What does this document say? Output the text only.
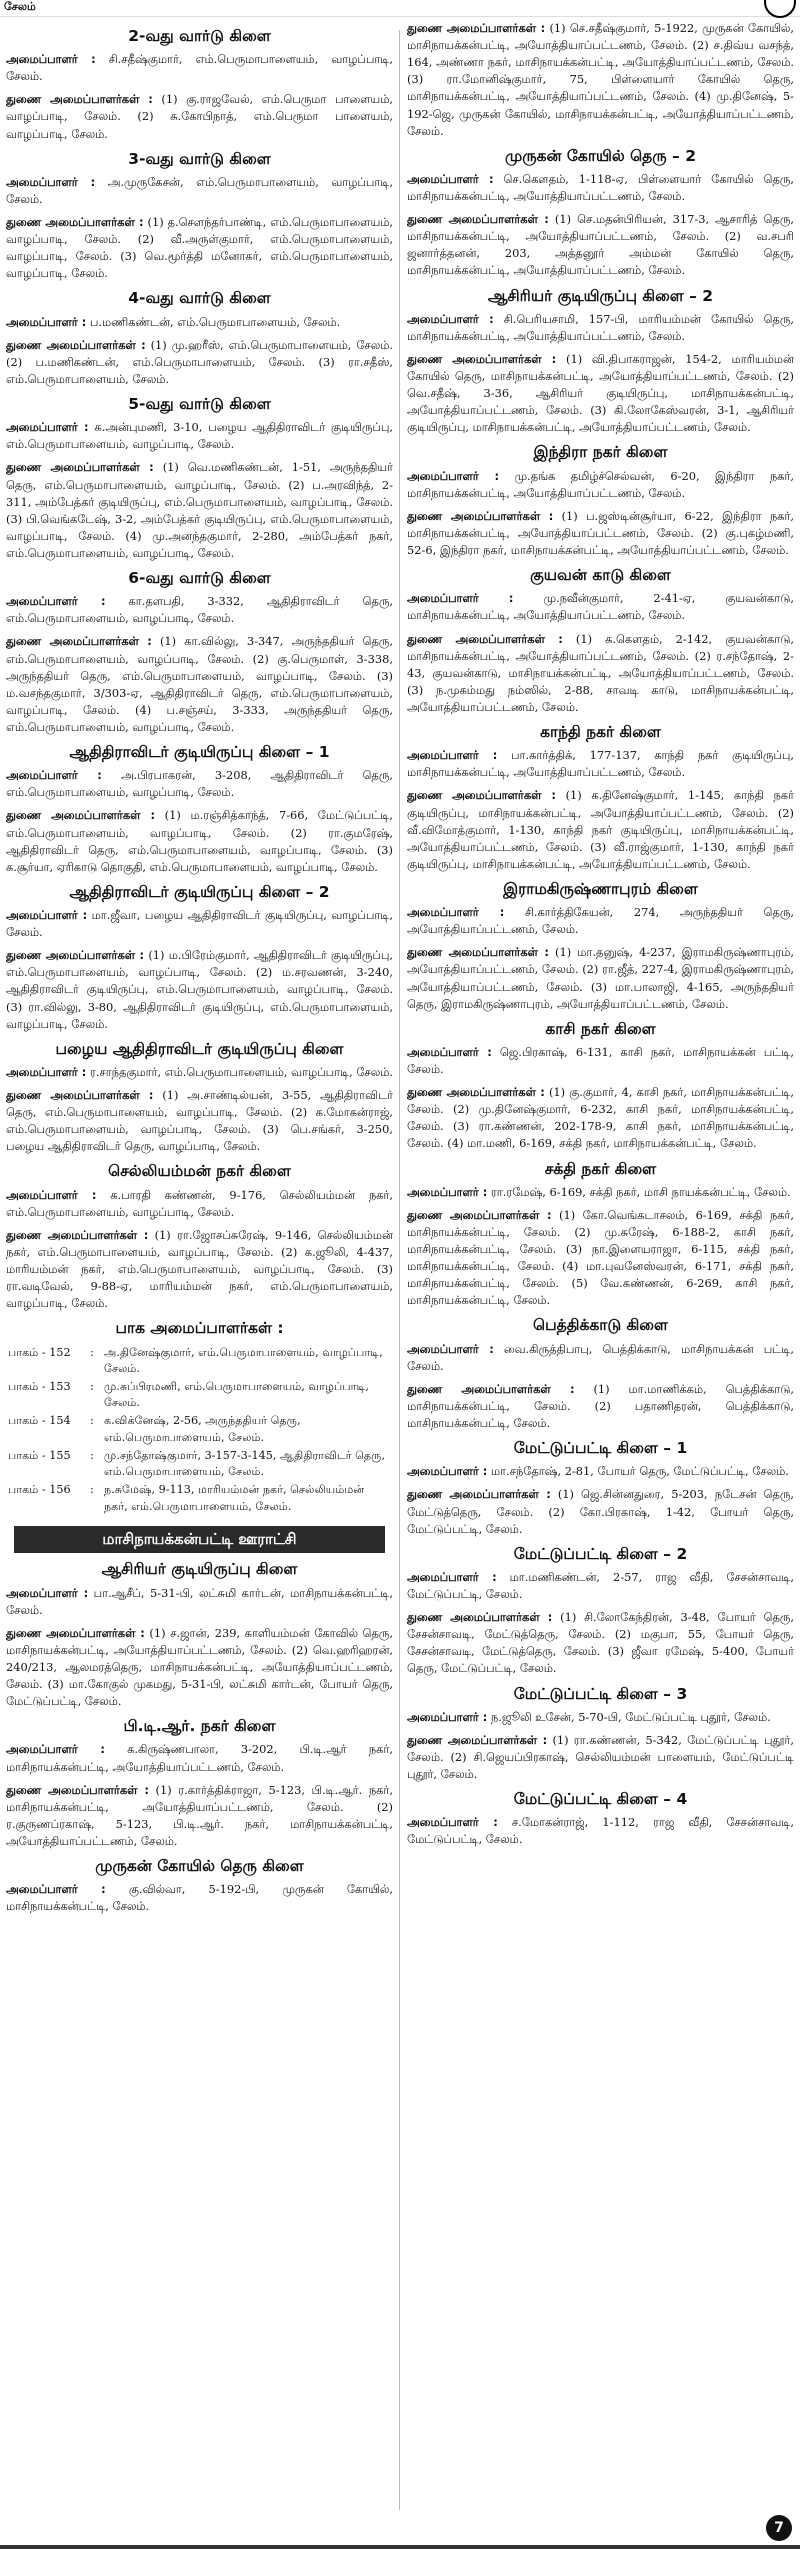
சேலம்
2-வது வார்டு கிளை

அமைப்பாளர் : சி.சதீஷ்குமார், எம்.பெருமாபாளையம், வாழப்பாடி, சேலம்.

துணை அமைப்பாளர்கள் : (1) கு.ராஜவேல், எம்.பெருமா பாளையம், வாழப்பாடி, சேலம். (2) சு.கோபிநாத், எம்.பெருமா பாளையம், வாழப்பாடி, சேலம்.

3-வது வார்டு கிளை

அமைப்பாளர் : அ.முருகேசன், எம்.பெருமாபாளையம், வாழப்பாடி, சேலம்.

துணை அமைப்பாளர்கள் : (1) த.சௌந்தர்பாண்டி, எம்.பெருமாபாளையம், வாழப்பாடி, சேலம். (2) வீ.அருள்குமார், எம்.பெருமாபாளையம், வாழப்பாடி, சேலம். (3) வெ.மூர்த்தி மனோகர், எம்.பெருமாபாளையம், வாழப்பாடி, சேலம்.

4-வது வார்டு கிளை

அமைப்பாளர் : ப.மணிகண்டன், எம்.பெருமாபாளையம், சேலம்.

துணை அமைப்பாளர்கள் : (1) மு.ஹரீஸ், எம்.பெருமாபாளையம், சேலம். (2) ப.மணிகண்டன், எம்.பெருமாபாளையம், சேலம். (3) ரா.சதீஸ், எம்.பெருமாபாளையம், சேலம்.

5-வது வார்டு கிளை

அமைப்பாளர் : க.அன்புமணி, 3-10, பழைய ஆதிதிராவிடர் குடியிருப்பு, எம்.பெருமாபாளையம், வாழப்பாடி, சேலம்.

துணை அமைப்பாளர்கள் : (1) வெ.மணிகண்டன், 1-51, அருந்ததியர் தெரு, எம்.பெருமாபாளையம், வாழப்பாடி, சேலம். (2) ப.அரவிந்த், 2-311, அம்பேத்கர் குடியிருப்பு, எம்.பெருமாபாளையம், வாழப்பாடி, சேலம். (3) பி.வெங்கடேஷ், 3-2, அம்பேத்கர் குடியிருப்பு, எம்.பெருமாபாளையம், வாழப்பாடி, சேலம். (4) மு.அனந்தகுமார், 2-280, அம்பேத்கர் நகர், எம்.பெருமாபாளையம், வாழப்பாடி, சேலம்.

6-வது வார்டு கிளை

அமைப்பாளர் : கா.தளபதி, 3-332, ஆதிதிராவிடர் தெரு, எம்.பெருமாபாளையம், வாழப்பாடி, சேலம்.

துணை அமைப்பாளர்கள் : (1) கா.வில்லு, 3-347, அருந்ததியர் தெரு, எம்.பெருமாபாளையம், வாழப்பாடி, சேலம். (2) கு.பெருமாள், 3-338, அருந்ததியர் தெரு, எம்.பெருமாபாளையம், வாழப்பாடி, சேலம். (3) ம.வசந்தகுமார், 3/303-ஏ, ஆதிதிராவிடர் தெரு, எம்.பெருமாபாளையம், வாழப்பாடி, சேலம். (4) ப.சஞ்சய், 3-333, அருந்ததியர் தெரு, எம்.பெருமாபாளையம், வாழப்பாடி, சேலம்.

ஆதிதிராவிடர் குடியிருப்பு கிளை – 1

அமைப்பாளர் : அ.பிரபாகரன், 3-208, ஆதிதிராவிடர் தெரு, எம்.பெருமாபாளையம், வாழப்பாடி, சேலம்.

துணை அமைப்பாளர்கள் : (1) ம.ரஞ்சித்காந்த், 7-66, மேட்டுப்பட்டி, எம்.பெருமாபாளையம், வாழப்பாடி, சேலம். (2) ரா.குமரேஷ், ஆதிதிராவிடர் தெரு, எம்.பெருமாபாளையம், வாழப்பாடி, சேலம். (3) க.சூர்யா, ஏரிகாடு தொகுதி, எம்.பெருமாபாளையம், வாழப்பாடி, சேலம்.

ஆதிதிராவிடர் குடியிருப்பு கிளை – 2

அமைப்பாளர் : மா.ஜீவா, பழைய ஆதிதிராவிடர் குடியிருப்பு, வாழப்பாடி, சேலம்.

துணை அமைப்பாளர்கள் : (1) ம.பிரேம்குமார், ஆதிதிராவிடர் குடியிருப்பு, எம்.பெருமாபாளையம், வாழப்பாடி, சேலம். (2) ம.சரவணன், 3-240, ஆதிதிராவிடர் குடியிருப்பு, எம்.பெருமாபாளையம், வாழப்பாடி, சேலம். (3) ரா.வில்லு, 3-80, ஆதிதிராவிடர் குடியிருப்பு, எம்.பெருமாபாளையம், வாழப்பாடி, சேலம்.

பழைய ஆதிதிராவிடர் குடியிருப்பு கிளை

அமைப்பாளர் : ர.சாந்தகுமார், எம்.பெருமாபாளையம், வாழப்பாடி, சேலம்.

துணை அமைப்பாளர்கள் : (1) அ.சாண்டில்யன், 3-55, ஆதிதிராவிடர் தெரு, எம்.பெருமாபாளையம், வாழப்பாடி, சேலம். (2) க.மோகன்ராஜ், எம்.பெருமாபாளையம், வாழப்பாடி, சேலம். (3) பெ.சங்கர், 3-250, பழைய ஆதிதிராவிடர் தெரு, வாழப்பாடி, சேலம்.

செல்லியம்மன் நகர் கிளை

அமைப்பாளர் : க.பாரதி கண்ணன், 9-176, செல்லியம்மன் நகர், எம்.பெருமாபாளையம், வாழப்பாடி, சேலம்.

துணை அமைப்பாளர்கள் : (1) ரா.ஜோசப்சுரேஷ், 9-146, செல்லியம்மன் நகர், எம்.பெருமாபாளையம், வாழப்பாடி, சேலம். (2) க.ஜூலி, 4-437, மாரியம்மன் நகர், எம்.பெருமாபாளையம், வாழப்பாடி, சேலம். (3) ரா.வடிவேல், 9-88-ஏ, மாரியம்மன் நகர், எம்.பெருமாபாளையம், வாழப்பாடி, சேலம்.

பாக அமைப்பாளர்கள் :
பாகம் - 152	:	அ.தினேஷ்குமார், எம்.பெருமாபாளையம், வாழப்பாடி, சேலம்.
பாகம் - 153	:	மு.சுப்பிரமணி, எம்.பெருமாபாளையம், வாழப்பாடி, சேலம்.
பாகம் - 154	:	க.விக்னேஷ், 2-56, அருந்ததியர் தெரு, எம்.பெருமாபாளையம், சேலம்.
பாகம் - 155	:	மு.சந்தோஷ்குமார், 3-157-3-145, ஆதிதிராவிடர் தெரு, எம்.பெருமாபாளையம், சேலம்.
பாகம் - 156	:	ந.சுமேஷ், 9-113, மாரியம்மன் நகர், செல்லியம்மன் நகர், எம்.பெருமாபாளையம், சேலம்.
மாசிநாயக்கன்பட்டி ஊராட்சி
ஆசிரியர் குடியிருப்பு கிளை

அமைப்பாளர் : பா.ஆசீப், 5-31-பி, லட்சுமி கார்டன், மாசிநாயக்கன்பட்டி, சேலம்.

துணை அமைப்பாளர்கள் : (1) ச.ஜான், 239, காளியம்மன் கோவில் தெரு, மாசிநாயக்கன்பட்டி, அயோத்தியாப்பட்டணம், சேலம். (2) வெ.ஹரிஹரன், 240/213, ஆலமரத்தெரு, மாசிநாயக்கன்பட்டி, அயோத்தியாப்பட்டணம், சேலம். (3) மா.கோகுல் முகமது, 5-31-பி, லட்சுமி கார்டன், போயர் தெரு, மேட்டுப்பட்டி, சேலம்.

பி.டி.ஆர். நகர் கிளை

அமைப்பாளர் : க.கிருஷ்ணபாலா, 3-202, பி.டி.ஆர் நகர், மாசிநாயக்கன்பட்டி, அயோத்தியாப்பட்டணம், சேலம்.

துணை அமைப்பாளர்கள் : (1) ர.கார்த்திக்ராஜா, 5-123, பி.டி.ஆர். நகர், மாசிநாயக்கன்பட்டி, அயோத்தியாப்பட்டணம், சேலம். (2) ர.குருணப்ரகாஷ், 5-123, பி.டி.ஆர். நகர், மாசிநாயக்கன்பட்டி, அயோத்தியாப்பட்டணம், சேலம்.

முருகன் கோயில் தெரு கிளை

அமைப்பாளர் : கு.வில்வா, 5-192-பி, முருகன் கோயில், மாசிநாயக்கன்பட்டி, சேலம்.

துணை அமைப்பாளர்கள் : (1) செ.சதீஷ்குமார், 5-1922, முருகன் கோயில், மாசிநாயக்கன்பட்டி, அயோத்தியாப்பட்டணம், சேலம். (2) ச.திவ்ய வசந்த், 164, அண்ணா நகர், மாசிநாயக்கன்பட்டி, அயோத்தியாப்பட்டணம், சேலம். (3) ரா.மோனிஷ்குமார், 75, பிள்ளையார் கோயில் தெரு, மாசிநாயக்கன்பட்டி, அயோத்தியாப்பட்டணம், சேலம். (4) மு.தினேஷ், 5-192-ஜெ, முருகன் கோயில், மாசிநாயக்கன்பட்டி, அயோத்தியாப்பட்டணம், சேலம்.

முருகன் கோயில் தெரு – 2

அமைப்பாளர் : செ.கௌதம், 1-118-ஏ, பிள்ளையார் கோயில் தெரு, மாசிநாயக்கன்பட்டி, அயோத்தியாப்பட்டணம், சேலம்.

துணை அமைப்பாளர்கள் : (1) செ.மதன்பிரியன், 317-3, ஆசாரித் தெரு, மாசிநாயக்கன்பட்டி, அயோத்தியாப்பட்டணம், சேலம். (2) வ.சபரி ஜனார்த்தனன், 203, அத்தனூர் அம்மன் கோயில் தெரு, மாசிநாயக்கன்பட்டி, அயோத்தியாப்பட்டணம், சேலம்.

ஆசிரியர் குடியிருப்பு கிளை – 2

அமைப்பாளர் : சி.பெரியசாமி, 157-பி, மாரியம்மன் கோயில் தெரு, மாசிநாயக்கன்பட்டி, அயோத்தியாப்பட்டணம், சேலம்.

துணை அமைப்பாளர்கள் : (1) வி.திபாகராஜன், 154-2, மாரியம்மன் கோயில் தெரு, மாசிநாயக்கன்பட்டி, அயோத்தியாப்பட்டணம், சேலம். (2) வெ.சதீஷ், 3-36, ஆசிரியர் குடியிருப்பு, மாசிநாயக்கன்பட்டி, அயோத்தியாப்பட்டணம், சேலம். (3) கி.லோகேஸ்வரன், 3-1, ஆசிரியர் குடியிருப்பு, மாசிநாயக்கன்பட்டி, அயோத்தியாப்பட்டணம், சேலம்.

இந்திரா நகர் கிளை

அமைப்பாளர் : மு.தங்க தமிழ்ச்செல்வன், 6-20, இந்திரா நகர், மாசிநாயக்கன்பட்டி, அயோத்தியாப்பட்டணம், சேலம்.

துணை அமைப்பாளர்கள் : (1) ப.ஜஸ்டின்சூர்யா, 6-22, இந்திரா நகர், மாசிநாயக்கன்பட்டி, அயோத்தியாப்பட்டணம், சேலம். (2) கு.புகழ்மணி, 52-6, இந்திரா நகர், மாசிநாயக்கன்பட்டி, அயோத்தியாப்பட்டணம், சேலம்.

குயவன் காடு கிளை

அமைப்பாளர் :	மு.நவீன்குமார், 2-41-ஏ, குயவன்காடு, மாசிநாயக்கன்பட்டி, அயோத்தியாப்பட்டணம், சேலம்.

துணை அமைப்பாளர்கள் : (1) க.கௌதம், 2-142, குயவன்காடு, மாசிநாயக்கன்பட்டி, அயோத்தியாப்பட்டணம், சேலம். (2) ர.சந்தோஷ், 2-43, குயவன்காடு, மாசிநாயக்கன்பட்டி, அயோத்தியாப்பட்டணம், சேலம். (3) ந.முகம்மது நம்ஸில், 2-88, சாவடி காடு, மாசிநாயக்கன்பட்டி, அயோத்தியாப்பட்டணம், சேலம்.

காந்தி நகர் கிளை

அமைப்பாளர் : பா.கார்த்திக், 177-137, காந்தி நகர் குடியிருப்பு, மாசிநாயக்கன்பட்டி, அயோத்தியாப்பட்டணம், சேலம்.

துணை அமைப்பாளர்கள் : (1) க.தினேஷ்குமார், 1-145, காந்தி நகர் குடியிருப்பு, மாசிநாயக்கன்பட்டி, அயோத்தியாப்பட்டணம், சேலம். (2) வீ.விமோத்குமார், 1-130, காந்தி நகர் குடியிருப்பு, மாசிநாயக்கன்பட்டி, அயோத்தியாப்பட்டணம், சேலம். (3) வீ.ராஜ்குமார், 1-130, காந்தி நகர் குடியிருப்பு, மாசிநாயக்கன்பட்டி, அயோத்தியாப்பட்டணம், சேலம்.

இராமகிருஷ்ணாபுரம் கிளை

அமைப்பாளர் : சி.கார்த்திகேயன், 274, அருந்ததியர் தெரு, அயோத்தியாப்பட்டணம், சேலம்.

துணை அமைப்பாளர்கள் : (1) மா.தனுஷ், 4-237, இராமகிருஷ்ணாபுரம், அயோத்தியாப்பட்டணம், சேலம். (2) ரா.ஜீத், 227-4, இராமகிருஷ்ணாபுரம், அயோத்தியாப்பட்டணம், சேலம். (3) மா.பாலாஜி, 4-165, அருந்ததியர் தெரு, இராமகிருஷ்ணாபுரம், அயோத்தியாப்பட்டணம், சேலம்.

காசி நகர் கிளை

அமைப்பாளர் : ஜெ.பிரகாஷ், 6-131, காசி நகர், மாசிநாயக்கன் பட்டி, சேலம்.

துணை அமைப்பாளர்கள் : (1) கு.குமார், 4, காசி நகர், மாசிநாயக்கன்பட்டி, சேலம். (2) மு.தினேஷ்குமார், 6-232, காசி நகர், மாசிநாயக்கன்பட்டி, சேலம். (3) ரா.கண்ணன், 202-178-9, காசி நகர், மாசிநாயக்கன்பட்டி, சேலம். (4) மா.மணி, 6-169, சக்தி நகர், மாசிநாயக்கன்பட்டி, சேலம்.

சக்தி நகர் கிளை

அமைப்பாளர் : ரா.ரமேஷ், 6-169, சக்தி நகர், மாசி நாயக்கன்பட்டி, சேலம்.

துணை அமைப்பாளர்கள் : (1) கோ.வெங்கடாசலம், 6-169, சக்தி நகர், மாசிநாயக்கன்பட்டி, சேலம். (2) மு.சுரேஷ், 6-188-2, காசி நகர், மாசிநாயக்கன்பட்டி, சேலம். (3) நா.இளையராஜா, 6-115, சக்தி நகர், மாசிநாயக்கன்பட்டி, சேலம். (4) மா.புவனேஸ்வரன், 6-171, சக்தி நகர், மாசிநாயக்கன்பட்டி, சேலம். (5) வே.கண்ணன், 6-269, காசி நகர், மாசிநாயக்கன்பட்டி, சேலம்.

பெத்திக்காடு கிளை

அமைப்பாளர் : வை.கிருத்திபாபு, பெத்திக்காடு, மாசிநாயக்கன் பட்டி, சேலம்.

துணை அமைப்பாளர்கள் : (1) மா.மாணிக்கம், பெத்திக்காடு, மாசிநாயக்கன்பட்டி, சேலம். (2) பதாணிதரன், பெத்திக்காடு, மாசிநாயக்கன்பட்டி, சேலம்.

மேட்டுப்பட்டி கிளை – 1

அமைப்பாளர் : மா.சந்தோஷ், 2-81, போயர் தெரு, மேட்டுப்பட்டி, சேலம்.

துணை அமைப்பாளர்கள் : (1) ஜெ.சின்னதுரை, 5-203, நடேசன் தெரு, மேட்டுத்தெரு, சேலம். (2) கோ.பிரகாஷ், 1-42, போயர் தெரு, மேட்டுப்பட்டி, சேலம்.

மேட்டுப்பட்டி கிளை – 2

அமைப்பாளர் : மா.மணிகண்டன், 2-57, ராஜ வீதி, சேசன்சாவடி, மேட்டுப்பட்டி, சேலம்.

துணை அமைப்பாளர்கள் : (1) சி.லோகேந்திரன், 3-48, போயர் தெரு, சேசன்சாவடி, மேட்டுத்தெரு, சேலம். (2) மகுபா, 55, போயர் தெரு, சேசன்சாவடி, மேட்டுத்தெரு, சேலம். (3) ஜீவா ரமேஷ், 5-400, போயர் தெரு, மேட்டுப்பட்டி, சேலம்.

மேட்டுப்பட்டி கிளை – 3

அமைப்பாளர் : ந.ஜூலி உசேன், 5-70-பி, மேட்டுப்பட்டி புதூர், சேலம்.

துணை அமைப்பாளர்கள் : (1) ரா.கண்ணன், 5-342, மேட்டுப்பட்டி புதூர், சேலம். (2) சி.ஜெயப்பிரகாஷ், செல்லியம்மன் பாளையம், மேட்டுப்பட்டி புதூர், சேலம்.

மேட்டுப்பட்டி கிளை – 4

அமைப்பாளர் : ச.மோகன்ராஜ், 1-112, ராஜ வீதி, சேசன்சாவடி, மேட்டுப்பட்டி, சேலம்.

7
